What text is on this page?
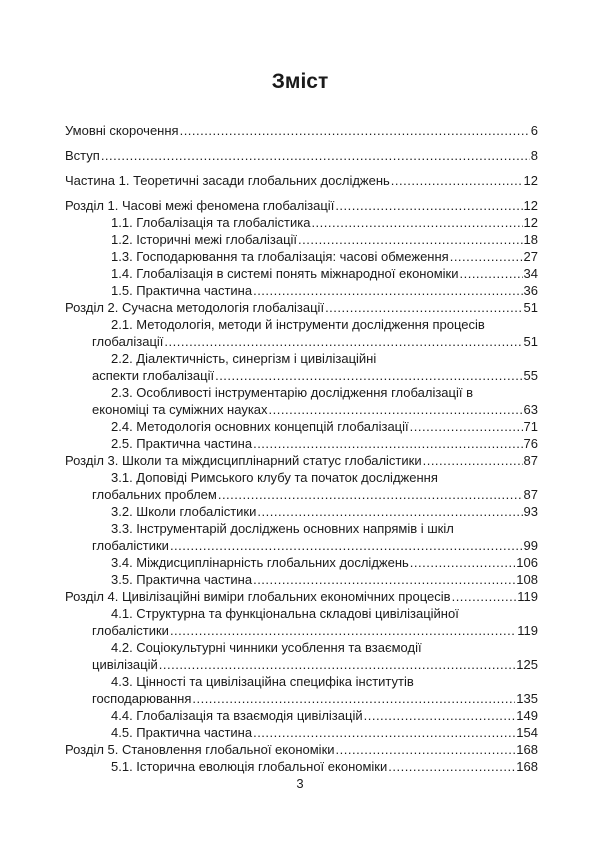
Зміст
Умовні скорочення .....	6
Вступ .....	8
Частина 1. Теоретичні засади глобальних досліджень .....	12
Розділ 1. Часові межі феномена глобалізації .....	12
1.1. Глобалізація та глобалістика .....	12
1.2. Історичні межі глобалізації .....	18
1.3. Господарювання та глобалізація: часові обмеження .....	27
1.4. Глобалізація в системі понять міжнародної економіки .....	34
1.5. Практична частина .....	36
Розділ 2. Сучасна методологія глобалізації .....	51
2.1. Методологія, методи й інструменти дослідження процесів
глобалізації .....	51
2.2. Діалектичність, синергізм і цивілізаційні
аспекти глобалізації .....	55
2.3. Особливості інструментарію дослідження глобалізації в
економіці та суміжних науках .....	63
2.4. Методологія основних концепцій глобалізації .....	71
2.5. Практична частина .....	76
Розділ 3. Школи та міждисциплінарний статус глобалістики .....	87
3.1. Доповіді Римського клубу та початок дослідження
глобальних проблем .....	87
3.2. Школи глобалістики .....	93
3.3. Інструментарій досліджень основних напрямів і шкіл
глобалістики .....	99
3.4. Міждисциплінарність глобальних досліджень .....	106
3.5. Практична частина .....	108
Розділ 4. Цивілізаційні виміри глобальних економічних процесів .....	119
4.1. Структурна та функціональна складові цивілізаційної
глобалістики .....	119
4.2. Соціокультурні чинники усоблення та взаємодії
цивілізацій .....	125
4.3. Цінності та цивілізаційна специфіка інститутів
господарювання .....	135
4.4. Глобалізація та взаємодія цивілізацій .....	149
4.5. Практична частина .....	154
Розділ 5. Становлення глобальної економіки .....	168
5.1. Історична еволюція глобальної економіки .....	168
3
